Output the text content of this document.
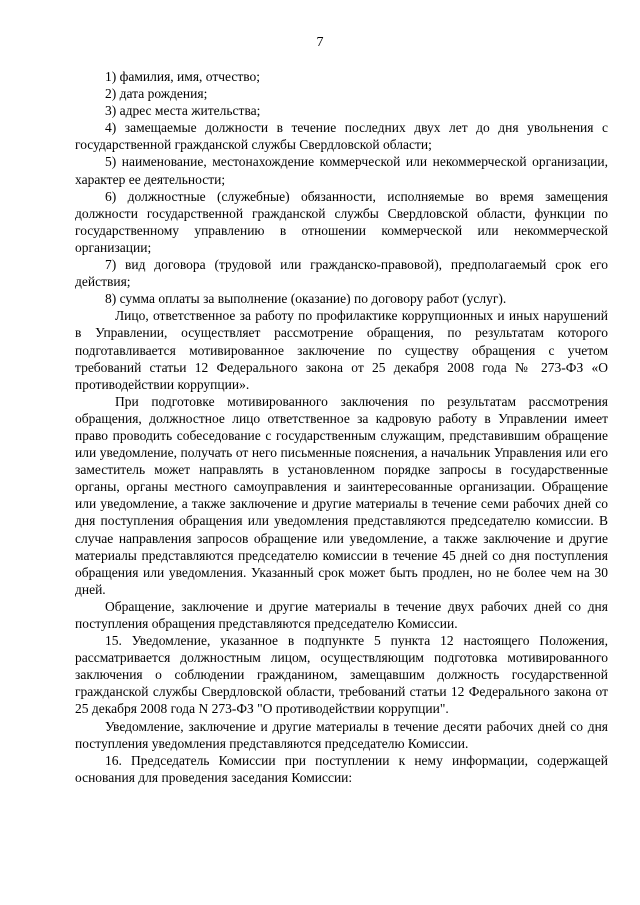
7

1) фамилия, имя, отчество;

2) дата рождения;

3) адрес места жительства;

4) замещаемые должности в течение последних двух лет до дня увольнения с государственной гражданской службы Свердловской области;

5) наименование, местонахождение коммерческой или некоммерческой организации, характер ее деятельности;

6) должностные (служебные) обязанности, исполняемые во время замещения должности государственной гражданской службы Свердловской области, функции по государственному управлению в отношении коммерческой или некоммерческой организации;

7) вид договора (трудовой или гражданско-правовой), предполагаемый срок его действия;

8) сумма оплаты за выполнение (оказание) по договору работ (услуг).

Лицо, ответственное за работу по профилактике коррупционных и иных нарушений в Управлении, осуществляет рассмотрение обращения, по результатам которого подготавливается мотивированное заключение по существу обращения с учетом требований статьи 12 Федерального закона от 25 декабря 2008 года № 273-ФЗ «О противодействии коррупции».

При подготовке мотивированного заключения по результатам рассмотрения обращения, должностное лицо ответственное за кадровую работу в Управлении имеет право проводить собеседование с государственным служащим, представившим обращение или уведомление, получать от него письменные пояснения, а начальник Управления или его заместитель может направлять в установленном порядке запросы в государственные органы, органы местного самоуправления и заинтересованные организации. Обращение или уведомление, а также заключение и другие материалы в течение семи рабочих дней со дня поступления обращения или уведомления представляются председателю комиссии. В случае направления запросов обращение или уведомление, а также заключение и другие материалы представляются председателю комиссии в течение 45 дней со дня поступления обращения или уведомления. Указанный срок может быть продлен, но не более чем на 30 дней.

Обращение, заключение и другие материалы в течение двух рабочих дней со дня поступления обращения представляются председателю Комиссии.

15. Уведомление, указанное в подпункте 5 пункта 12 настоящего Положения, рассматривается должностным лицом, осуществляющим подготовка мотивированного заключения о соблюдении гражданином, замещавшим должность государственной гражданской службы Свердловской области, требований статьи 12 Федерального закона от 25 декабря 2008 года N 273-ФЗ "О противодействии коррупции".

Уведомление, заключение и другие материалы в течение десяти рабочих дней со дня поступления уведомления представляются председателю Комиссии.

16. Председатель Комиссии при поступлении к нему информации, содержащей основания для проведения заседания Комиссии:
